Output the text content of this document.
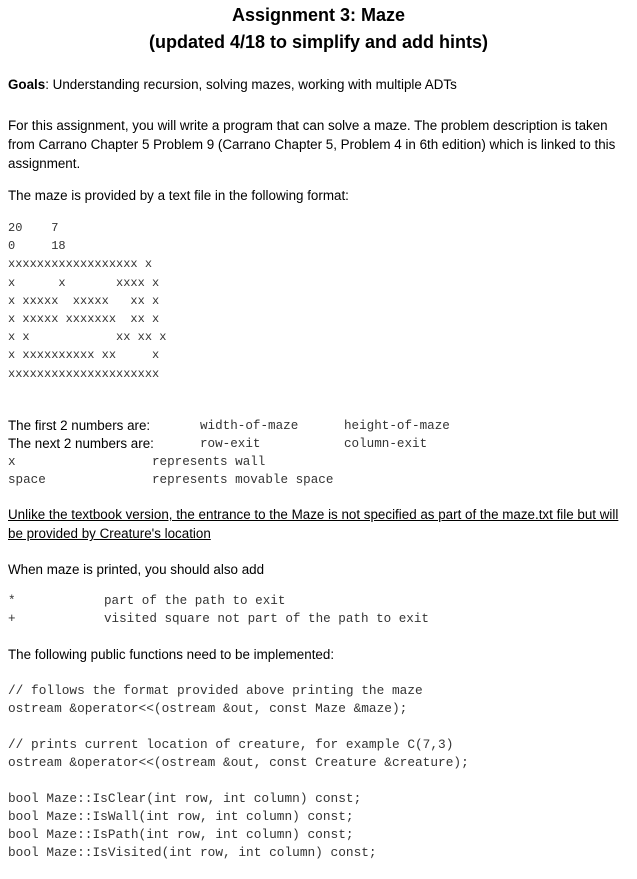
Assignment 3: Maze
(updated 4/18 to simplify and add hints)
Goals: Understanding recursion, solving mazes, working with multiple ADTs
For this assignment, you will write a program that can solve a maze. The problem description is taken from Carrano Chapter 5 Problem 9 (Carrano Chapter 5, Problem 4 in 6th edition) which is linked to this assignment.
The maze is provided by a text file in the following format:
20    7
0     18
xxxxxxxxxxxxxxxxxx x
x      x       xxxx x
x xxxxx  xxxxx   xx x
x xxxxx xxxxxxx  xx x
x x            xx xx x
x xxxxxxxxxx xx     x
xxxxxxxxxxxxxxxxxxxxx
The first 2 numbers are:	width-of-maze	height-of-maze
The next 2 numbers are:	row-exit	column-exit
x	represents wall
space	represents movable space
Unlike the textbook version, the entrance to the Maze is not specified as part of the maze.txt file but will be provided by Creature's location
When maze is printed, you should also add
*	part of the path to exit
+	visited square not part of the path to exit
The following public functions need to be implemented:
// follows the format provided above printing the maze
ostream &operator<<(ostream &out, const Maze &maze);
// prints current location of creature, for example C(7,3)
ostream &operator<<(ostream &out, const Creature &creature);
bool Maze::IsClear(int row, int column) const;
bool Maze::IsWall(int row, int column) const;
bool Maze::IsPath(int row, int column) const;
bool Maze::IsVisited(int row, int column) const;
